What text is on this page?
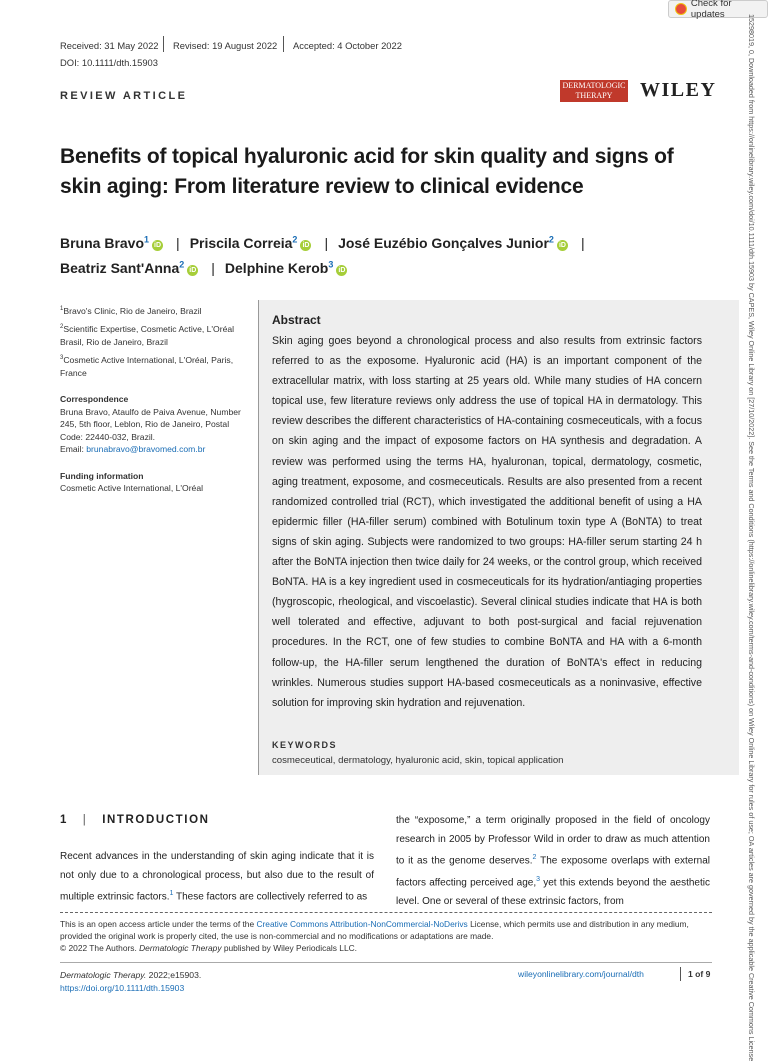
Check for updates
Received: 31 May 2022 Revised: 19 August 2022 Accepted: 4 October 2022
DOI: 10.1111/dth.15903
REVIEW ARTICLE
DERMATOLOGIC
THERAPY	WILEY
Benefits of topical hyaluronic acid for skin quality and signs of skin aging: From literature review to clinical evidence
Bruna Bravo$^1$iD | Priscila Correia$^2$iD | José Euzébio Gonçalves Junior$^2$iD |
Beatriz Sant'Anna$^2$iD | Delphine Kerob$^3$iD
$^1$Bravo's Clinic, Rio de Janeiro, Brazil
$^2$Scientific Expertise, Cosmetic Active, L'Oréal Brasil, Rio de Janeiro, Brazil
$^3$Cosmetic Active International, L'Oréal, Paris, France
Correspondence
Bruna Bravo, Ataulfo de Paiva Avenue, Number 245, 5th floor, Leblon, Rio de Janeiro, Postal Code: 22440-032, Brazil.
Email: brunabravo@bravomed.com.br
Funding information
Cosmetic Active International, L'Oréal
Abstract
Skin aging goes beyond a chronological process and also results from extrinsic factors referred to as the exposome. Hyaluronic acid (HA) is an important component of the extracellular matrix, with loss starting at 25 years old. While many studies of HA concern topical use, few literature reviews only address the use of topical HA in dermatology. This review describes the different characteristics of HA-containing cosmeceuticals, with a focus on skin aging and the impact of exposome factors on HA synthesis and degradation. A review was performed using the terms HA, hyaluronan, topical, dermatology, cosmetic, aging treatment, exposome, and cosmeceuticals. Results are also presented from a recent randomized controlled trial (RCT), which investigated the additional benefit of using a HA epidermic filler (HA-filler serum) combined with Botulinum toxin type A (BoNTA) to treat signs of skin aging. Subjects were randomized to two groups: HA-filler serum starting 24 h after the BoNTA injection then twice daily for 24 weeks, or the control group, which received BoNTA. HA is a key ingredient used in cosmeceuticals for its hydration/antiaging properties (hygroscopic, rheological, and viscoelastic). Several clinical studies indicate that HA is both well tolerated and effective, adjuvant to both post-surgical and facial rejuvenation procedures. In the RCT, one of few studies to combine BoNTA and HA with a 6-month follow-up, the HA-filler serum lengthened the duration of BoNTA's effect in reducing wrinkles. Numerous studies support HA-based cosmeceuticals as a noninvasive, effective solution for improving skin hydration and rejuvenation.
KEYWORDS
cosmeceutical, dermatology, hyaluronic acid, skin, topical application
1 | INTRODUCTION
Recent advances in the understanding of skin aging indicate that it is not only due to a chronological process, but also due to the result of multiple extrinsic factors.$^1$ These factors are collectively referred to as
the “exposome,” a term originally proposed in the field of oncology research in 2005 by Professor Wild in order to draw as much attention to it as the genome deserves.$^2$ The exposome overlaps with external factors affecting perceived age,$^3$ yet this extends beyond the aesthetic level. One or several of these extrinsic factors, from
This is an open access article under the terms of the Creative Commons Attribution-NonCommercial-NoDerivs License, which permits use and distribution in any medium, provided the original work is properly cited, the use is non-commercial and no modifications or adaptations are made.
© 2022 The Authors. Dermatologic Therapy published by Wiley Periodicals LLC.
Dermatologic Therapy. 2022;e15903.
https://doi.org/10.1111/dth.15903
wileyonlinelibrary.com/journal/dth	1 of 9	15298019, 0, Downloaded from https://onlinelibrary.wiley.com/doi/10.1111/dth.15903 by CAPES, Wiley Online Library on [27/10/2022]. See the Terms and Conditions (https://onlinelibrary.wiley.com/terms-and-conditions) on Wiley Online Library for rules of use; OA articles are governed by the applicable Creative Commons License
